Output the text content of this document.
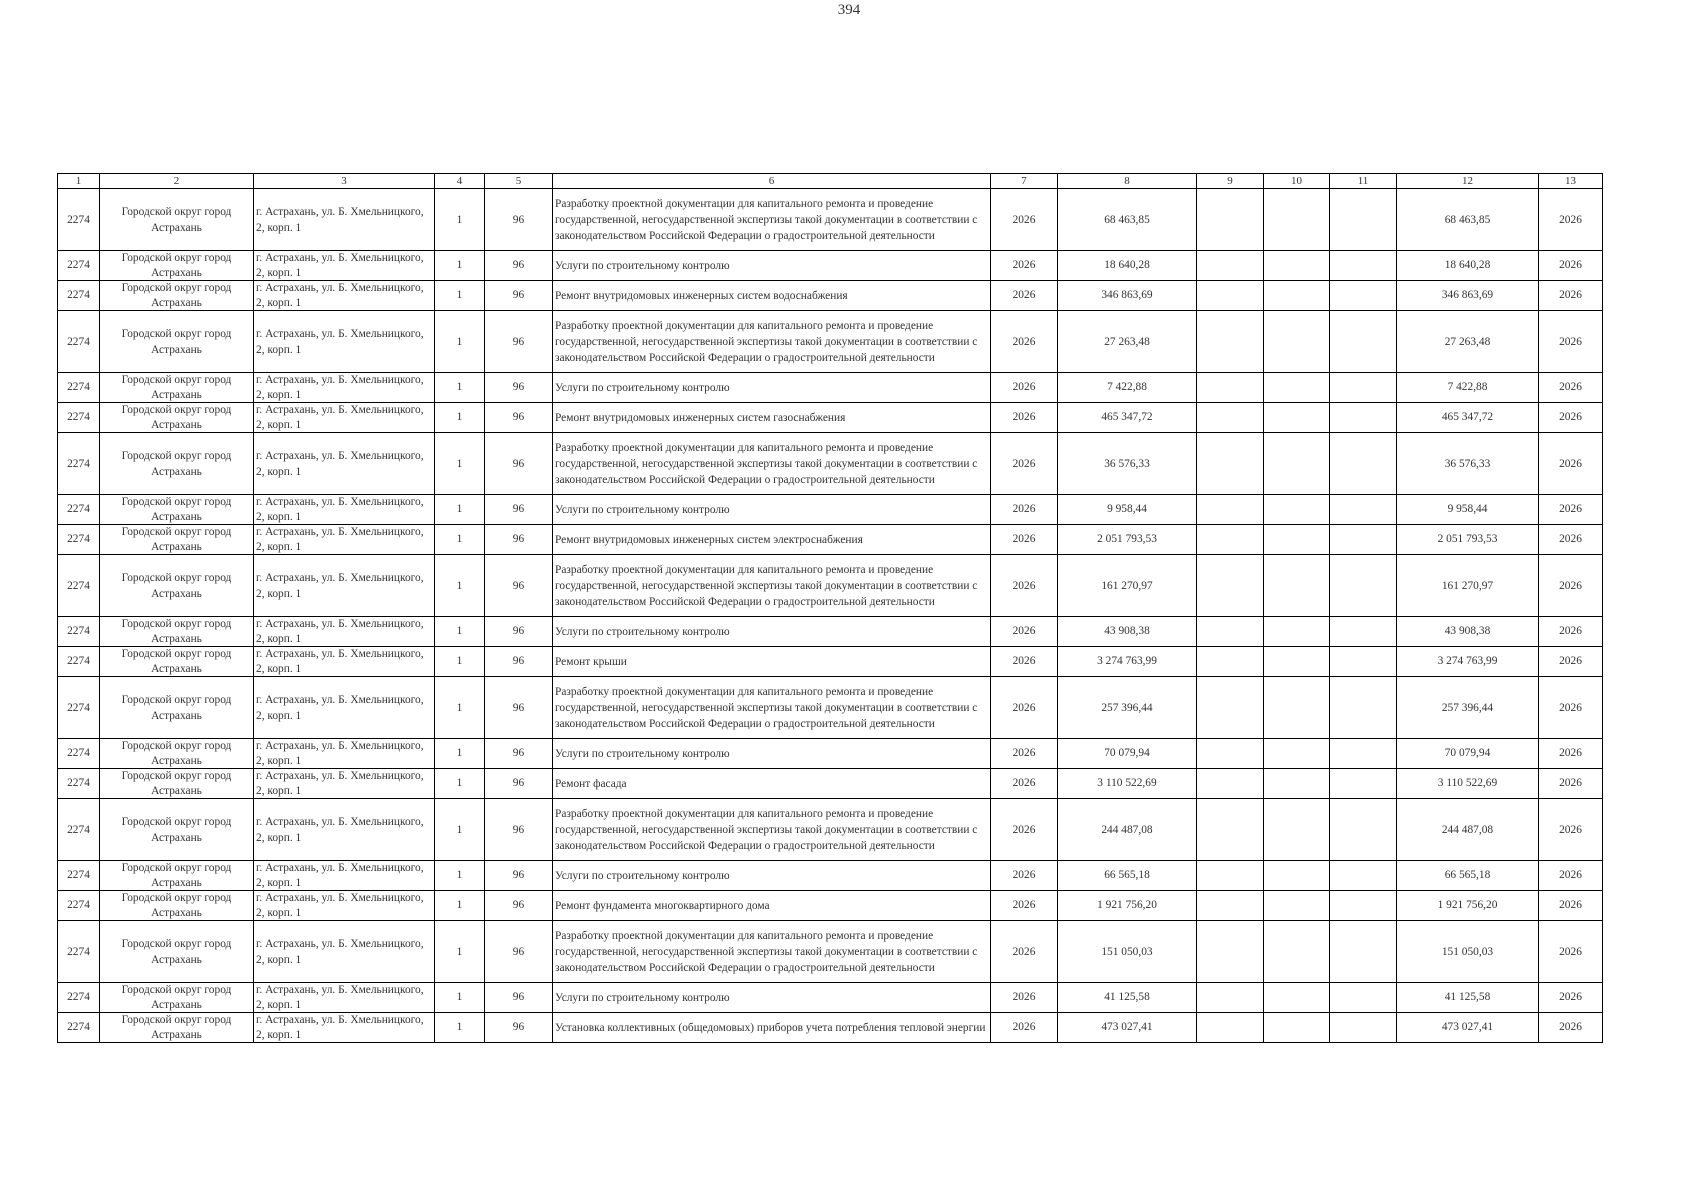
394
1	2	3	4	5	6	7	8	9	10	11	12	13
2274	Городской округ город Астрахань	г. Астрахань, ул. Б. Хмельницкого, 2, корп. 1	1	96	Разработку проектной документации для капитального ремонта и проведение государственной, негосударственной экспертизы такой документации в соответствии с законодательством Российской Федерации о градостроительной деятельности	2026	68 463,85				68 463,85	2026
2274	Городской округ город Астрахань	г. Астрахань, ул. Б. Хмельницкого, 2, корп. 1	1	96	Услуги по строительному контролю	2026	18 640,28				18 640,28	2026
2274	Городской округ город Астрахань	г. Астрахань, ул. Б. Хмельницкого, 2, корп. 1	1	96	Ремонт внутридомовых инженерных систем водоснабжения	2026	346 863,69				346 863,69	2026
2274	Городской округ город Астрахань	г. Астрахань, ул. Б. Хмельницкого, 2, корп. 1	1	96	Разработку проектной документации для капитального ремонта и проведение государственной, негосударственной экспертизы такой документации в соответствии с законодательством Российской Федерации о градостроительной деятельности	2026	27 263,48				27 263,48	2026
2274	Городской округ город Астрахань	г. Астрахань, ул. Б. Хмельницкого, 2, корп. 1	1	96	Услуги по строительному контролю	2026	7 422,88				7 422,88	2026
2274	Городской округ город Астрахань	г. Астрахань, ул. Б. Хмельницкого, 2, корп. 1	1	96	Ремонт внутридомовых инженерных систем газоснабжения	2026	465 347,72				465 347,72	2026
2274	Городской округ город Астрахань	г. Астрахань, ул. Б. Хмельницкого, 2, корп. 1	1	96	Разработку проектной документации для капитального ремонта и проведение государственной, негосударственной экспертизы такой документации в соответствии с законодательством Российской Федерации о градостроительной деятельности	2026	36 576,33				36 576,33	2026
2274	Городской округ город Астрахань	г. Астрахань, ул. Б. Хмельницкого, 2, корп. 1	1	96	Услуги по строительному контролю	2026	9 958,44				9 958,44	2026
2274	Городской округ город Астрахань	г. Астрахань, ул. Б. Хмельницкого, 2, корп. 1	1	96	Ремонт внутридомовых инженерных систем электроснабжения	2026	2 051 793,53				2 051 793,53	2026
2274	Городской округ город Астрахань	г. Астрахань, ул. Б. Хмельницкого, 2, корп. 1	1	96	Разработку проектной документации для капитального ремонта и проведение государственной, негосударственной экспертизы такой документации в соответствии с законодательством Российской Федерации о градостроительной деятельности	2026	161 270,97				161 270,97	2026
2274	Городской округ город Астрахань	г. Астрахань, ул. Б. Хмельницкого, 2, корп. 1	1	96	Услуги по строительному контролю	2026	43 908,38				43 908,38	2026
2274	Городской округ город Астрахань	г. Астрахань, ул. Б. Хмельницкого, 2, корп. 1	1	96	Ремонт крыши	2026	3 274 763,99				3 274 763,99	2026
2274	Городской округ город Астрахань	г. Астрахань, ул. Б. Хмельницкого, 2, корп. 1	1	96	Разработку проектной документации для капитального ремонта и проведение государственной, негосударственной экспертизы такой документации в соответствии с законодательством Российской Федерации о градостроительной деятельности	2026	257 396,44				257 396,44	2026
2274	Городской округ город Астрахань	г. Астрахань, ул. Б. Хмельницкого, 2, корп. 1	1	96	Услуги по строительному контролю	2026	70 079,94				70 079,94	2026
2274	Городской округ город Астрахань	г. Астрахань, ул. Б. Хмельницкого, 2, корп. 1	1	96	Ремонт фасада	2026	3 110 522,69				3 110 522,69	2026
2274	Городской округ город Астрахань	г. Астрахань, ул. Б. Хмельницкого, 2, корп. 1	1	96	Разработку проектной документации для капитального ремонта и проведение государственной, негосударственной экспертизы такой документации в соответствии с законодательством Российской Федерации о градостроительной деятельности	2026	244 487,08				244 487,08	2026
2274	Городской округ город Астрахань	г. Астрахань, ул. Б. Хмельницкого, 2, корп. 1	1	96	Услуги по строительному контролю	2026	66 565,18				66 565,18	2026
2274	Городской округ город Астрахань	г. Астрахань, ул. Б. Хмельницкого, 2, корп. 1	1	96	Ремонт фундамента многоквартирного дома	2026	1 921 756,20				1 921 756,20	2026
2274	Городской округ город Астрахань	г. Астрахань, ул. Б. Хмельницкого, 2, корп. 1	1	96	Разработку проектной документации для капитального ремонта и проведение государственной, негосударственной экспертизы такой документации в соответствии с законодательством Российской Федерации о градостроительной деятельности	2026	151 050,03				151 050,03	2026
2274	Городской округ город Астрахань	г. Астрахань, ул. Б. Хмельницкого, 2, корп. 1	1	96	Услуги по строительному контролю	2026	41 125,58				41 125,58	2026
2274	Городской округ город Астрахань	г. Астрахань, ул. Б. Хмельницкого, 2, корп. 1	1	96	Установка коллективных (общедомовых) приборов учета потребления тепловой энергии	2026	473 027,41				473 027,41	2026
